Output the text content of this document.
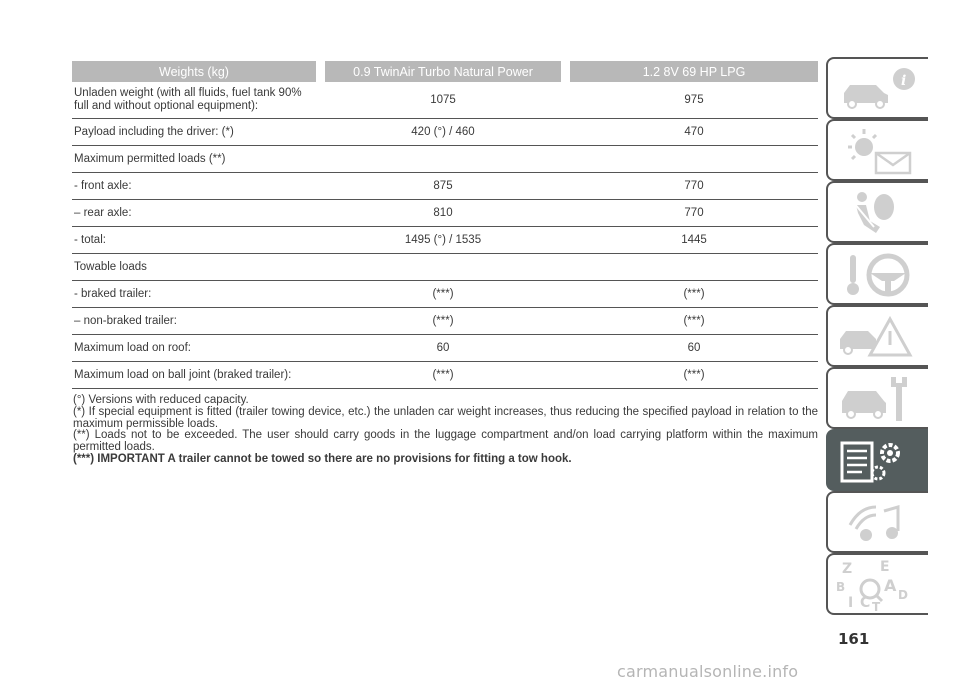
Weights (kg)		0.9 TwinAir Turbo Natural Power		1.2 8V 69 HP LPG

Unladen weight (with all fluids, fuel tank 90%
full and without optional equipment):		1075		975
Payload including the driver: (*)		420 (°) / 460		470
Maximum permitted loads (**)				
- front axle:		875		770
– rear axle:		810		770
- total:		1495 (°) / 1535		1445
Towable loads				
- braked trailer:		(***)		(***)
– non-braked trailer:		(***)		(***)
Maximum load on roof:		60		60
Maximum load on ball joint (braked trailer):		(***)		(***)

(°) Versions with reduced capacity.

(*) If special equipment is fitted (trailer towing device, etc.) the unladen car weight increases, thus reducing the specified payload in relation to the maximum permissible loads.

(**) Loads not to be exceeded. The user should carry goods in the luggage compartment and/on load carrying platform within the maximum permitted loads.

(***) IMPORTANT A trailer cannot be towed so there are no provisions for fitting a tow hook.

i
Z E
B A
I C D
T
161
carmanualsonline.info
